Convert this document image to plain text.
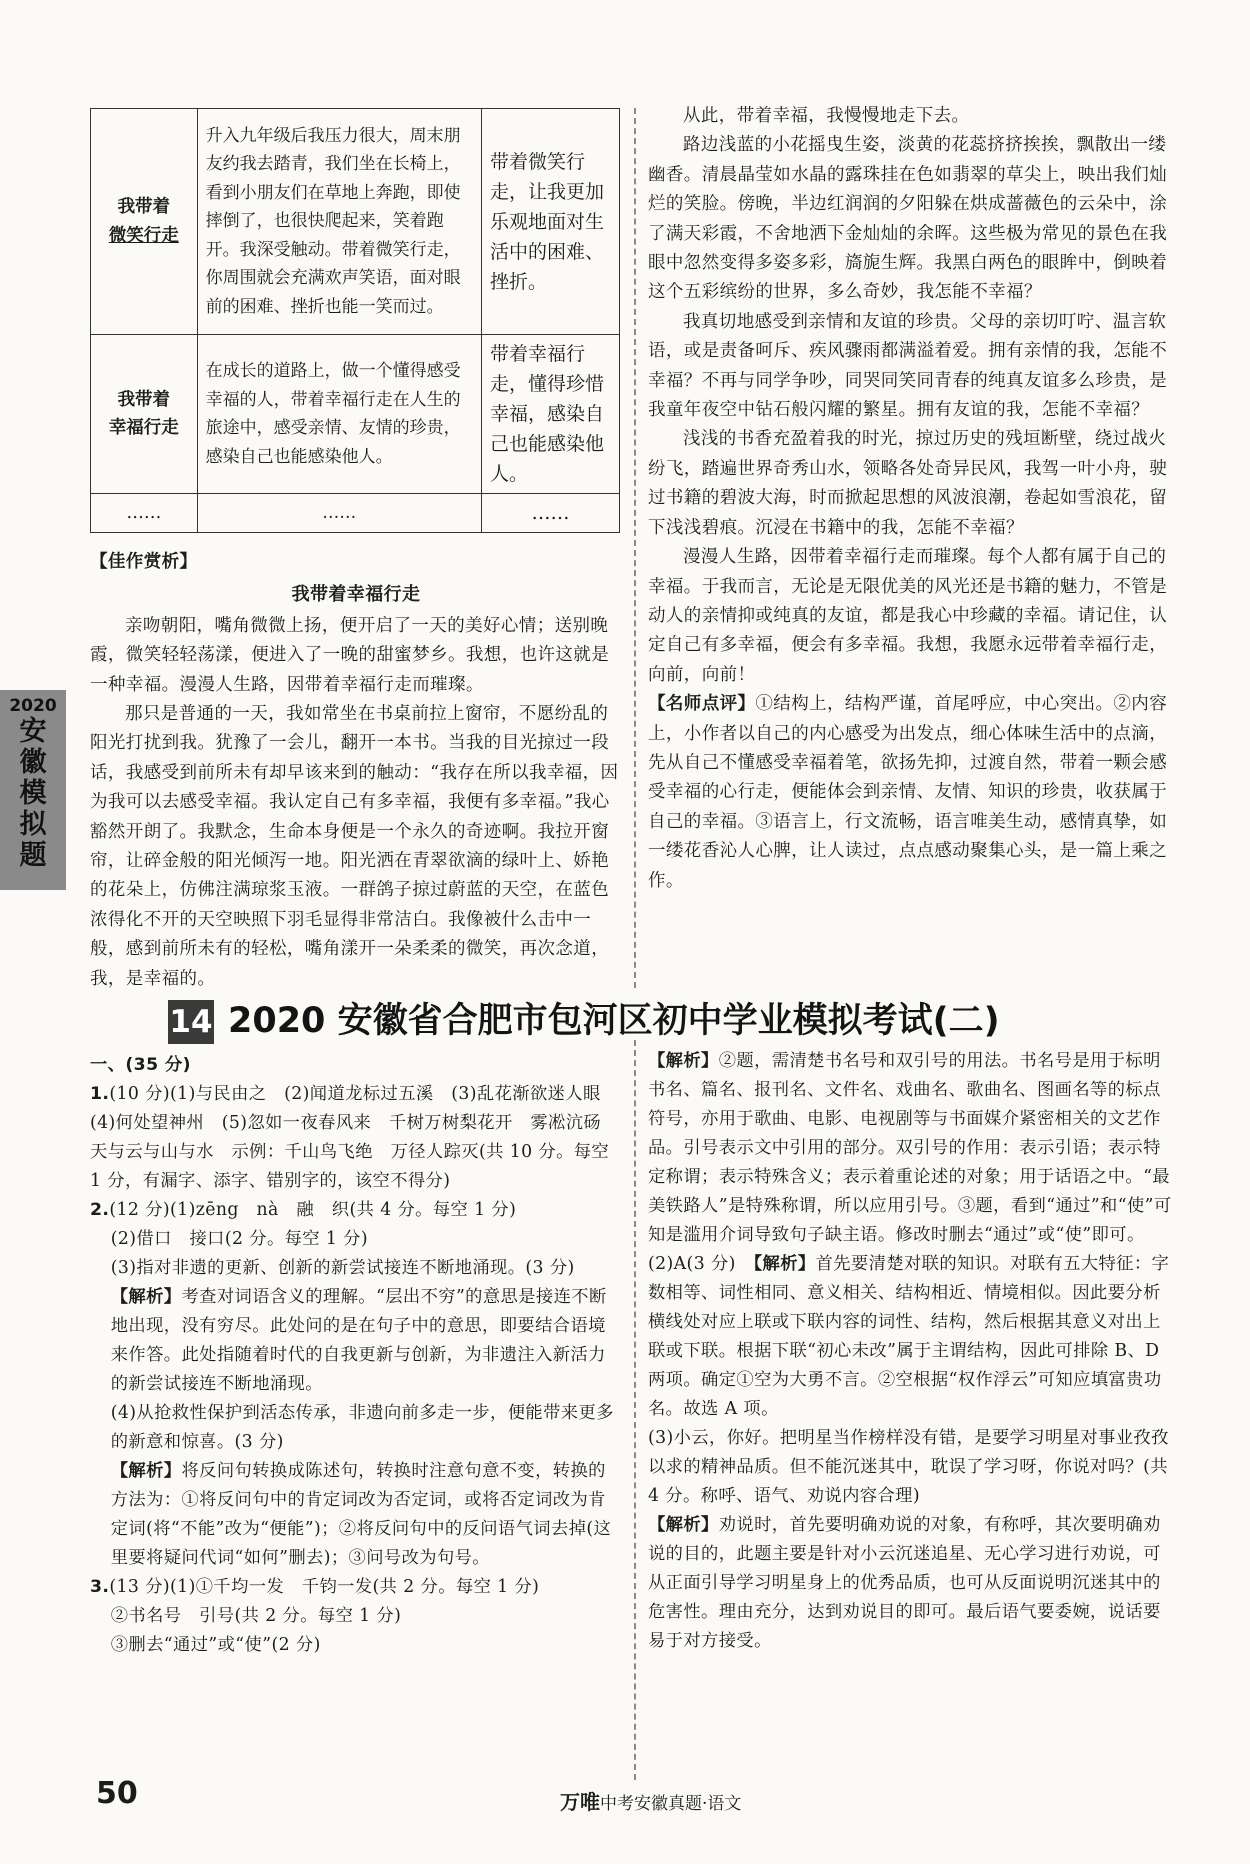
我带着
微笑行走	升入九年级后我压力很大，周末朋友约我去踏青，我们坐在长椅上，看到小朋友们在草地上奔跑，即使摔倒了，也很快爬起来，笑着跑开。我深受触动。带着微笑行走，你周围就会充满欢声笑语，面对眼前的困难、挫折也能一笑而过。	带着微笑行走，让我更加乐观地面对生活中的困难、挫折。
我带着
幸福行走	在成长的道路上，做一个懂得感受幸福的人，带着幸福行走在人生的旅途中，感受亲情、友情的珍贵，感染自己也能感染他人。	带着幸福行走，懂得珍惜幸福，感染自己也能感染他人。
……	……	……
【佳作赏析】
我带着幸福行走

亲吻朝阳，嘴角微微上扬，便开启了一天的美好心情；送别晚霞，微笑轻轻荡漾，便进入了一晚的甜蜜梦乡。我想，也许这就是一种幸福。漫漫人生路，因带着幸福行走而璀璨。

那只是普通的一天，我如常坐在书桌前拉上窗帘，不愿纷乱的阳光打扰到我。犹豫了一会儿，翻开一本书。当我的目光掠过一段话，我感受到前所未有却早该来到的触动：“我存在所以我幸福，因为我可以去感受幸福。我认定自己有多幸福，我便有多幸福。”我心豁然开朗了。我默念，生命本身便是一个永久的奇迹啊。我拉开窗帘，让碎金般的阳光倾泻一地。阳光洒在青翠欲滴的绿叶上、娇艳的花朵上，仿佛注满琼浆玉液。一群鸽子掠过蔚蓝的天空，在蓝色浓得化不开的天空映照下羽毛显得非常洁白。我像被什么击中一般，感到前所未有的轻松，嘴角漾开一朵柔柔的微笑，再次念道，我，是幸福的。

从此，带着幸福，我慢慢地走下去。

路边浅蓝的小花摇曳生姿，淡黄的花蕊挤挤挨挨，飘散出一缕幽香。清晨晶莹如水晶的露珠挂在色如翡翠的草尖上，映出我们灿烂的笑脸。傍晚，半边红润润的夕阳躲在烘成蔷薇色的云朵中，涂了满天彩霞，不舍地洒下金灿灿的余晖。这些极为常见的景色在我眼中忽然变得多姿多彩，旖旎生辉。我黑白两色的眼眸中，倒映着这个五彩缤纷的世界，多么奇妙，我怎能不幸福？

我真切地感受到亲情和友谊的珍贵。父母的亲切叮咛、温言软语，或是责备呵斥、疾风骤雨都满溢着爱。拥有亲情的我，怎能不幸福？不再与同学争吵，同哭同笑同青春的纯真友谊多么珍贵，是我童年夜空中钻石般闪耀的繁星。拥有友谊的我，怎能不幸福？

浅浅的书香充盈着我的时光，掠过历史的残垣断壁，绕过战火纷飞，踏遍世界奇秀山水，领略各处奇异民风，我驾一叶小舟，驶过书籍的碧波大海，时而掀起思想的风波浪潮，卷起如雪浪花，留下浅浅碧痕。沉浸在书籍中的我，怎能不幸福？

漫漫人生路，因带着幸福行走而璀璨。每个人都有属于自己的幸福。于我而言，无论是无限优美的风光还是书籍的魅力，不管是动人的亲情抑或纯真的友谊，都是我心中珍藏的幸福。请记住，认定自己有多幸福，便会有多幸福。我想，我愿永远带着幸福行走，向前，向前！

【名师点评】①结构上，结构严谨，首尾呼应，中心突出。②内容上，小作者以自己的内心感受为出发点，细心体味生活中的点滴，先从自己不懂感受幸福着笔，欲扬先抑，过渡自然，带着一颗会感受幸福的心行走，便能体会到亲情、友情、知识的珍贵，收获属于自己的幸福。③语言上，行文流畅，语言唯美生动，感情真挚，如一缕花香沁人心脾，让人读过，点点感动聚集心头，是一篇上乘之作。
2020
安
徽
模
拟
题
14 2020 安徽省合肥市包河区初中学业模拟考试(二)
一、(35 分)
1.(10 分)(1)与民由之　(2)闻道龙标过五溪　(3)乱花渐欲迷人眼　(4)何处望神州　(5)忽如一夜春风来　千树万树梨花开　雾凇沆砀　天与云与山与水　示例：千山鸟飞绝　万径人踪灭(共 10 分。每空 1 分，有漏字、添字、错别字的，该空不得分)
2.(12 分)(1)zēng　nà　融　织(共 4 分。每空 1 分)
(2)借口　接口(2 分。每空 1 分)
(3)指对非遗的更新、创新的新尝试接连不断地涌现。(3 分)
【解析】考查对词语含义的理解。“层出不穷”的意思是接连不断地出现，没有穷尽。此处问的是在句子中的意思，即要结合语境来作答。此处指随着时代的自我更新与创新，为非遗注入新活力的新尝试接连不断地涌现。
(4)从抢救性保护到活态传承，非遗向前多走一步，便能带来更多的新意和惊喜。(3 分)
【解析】将反问句转换成陈述句，转换时注意句意不变，转换的方法为：①将反问句中的肯定词改为否定词，或将否定词改为肯定词(将“不能”改为“便能”)；②将反问句中的反问语气词去掉(这里要将疑问代词“如何”删去)；③问号改为句号。
3.(13 分)(1)①千均一发　千钧一发(共 2 分。每空 1 分)
②书名号　引号(共 2 分。每空 1 分)
③删去“通过”或“使”(2 分)
【解析】②题，需清楚书名号和双引号的用法。书名号是用于标明书名、篇名、报刊名、文件名、戏曲名、歌曲名、图画名等的标点符号，亦用于歌曲、电影、电视剧等与书面媒介紧密相关的文艺作品。引号表示文中引用的部分。双引号的作用：表示引语；表示特定称谓；表示特殊含义；表示着重论述的对象；用于话语之中。“最美铁路人”是特殊称谓，所以应用引号。③题，看到“通过”和“使”可知是滥用介词导致句子缺主语。修改时删去“通过”或“使”即可。
(2)A(3 分)　【解析】首先要清楚对联的知识。对联有五大特征：字数相等、词性相同、意义相关、结构相近、情境相似。因此要分析横线处对应上联或下联内容的词性、结构，然后根据其意义对出上联或下联。根据下联“初心未改”属于主谓结构，因此可排除 B、D 两项。确定①空为大勇不言。②空根据“权作浮云”可知应填富贵功名。故选 A 项。
(3)小云，你好。把明星当作榜样没有错，是要学习明星对事业孜孜以求的精神品质。但不能沉迷其中，耽误了学习呀，你说对吗？(共 4 分。称呼、语气、劝说内容合理)
【解析】劝说时，首先要明确劝说的对象，有称呼，其次要明确劝说的目的，此题主要是针对小云沉迷追星、无心学习进行劝说，可从正面引导学习明星身上的优秀品质，也可从反面说明沉迷其中的危害性。理由充分，达到劝说目的即可。最后语气要委婉，说话要易于对方接受。
50	万唯中考安徽真题·语文
